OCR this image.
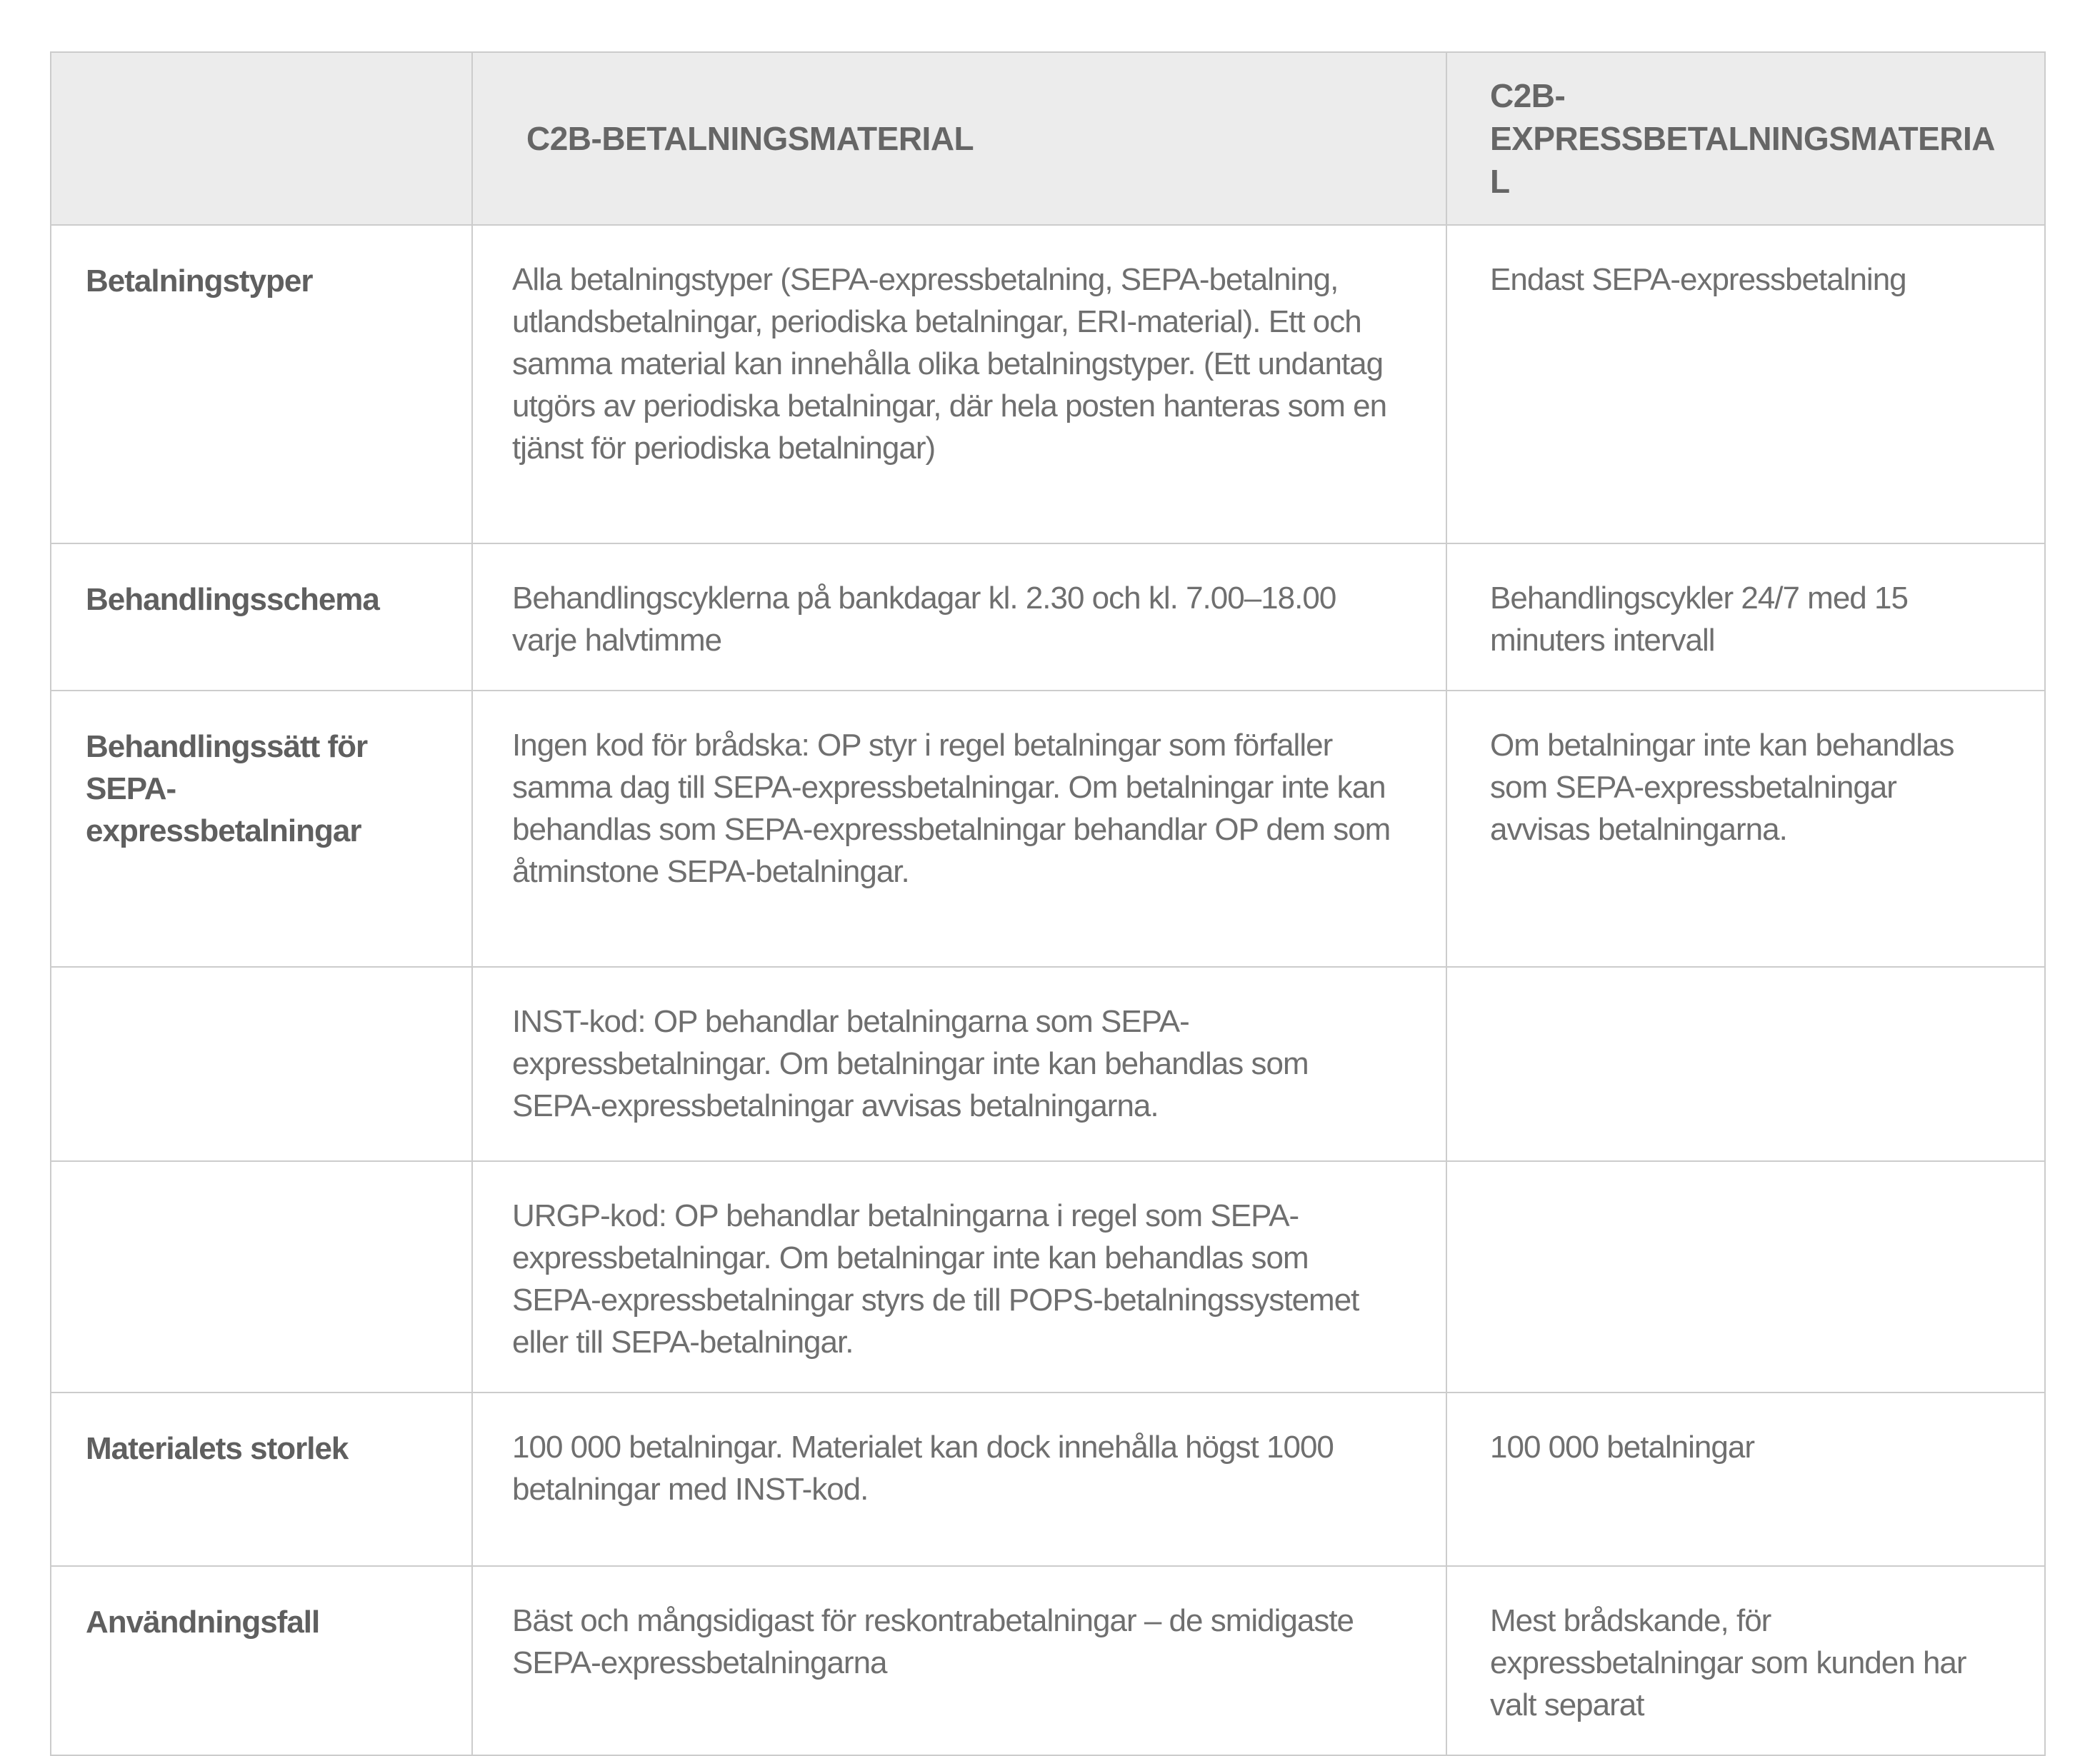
	C2B-BETALNINGSMATERIAL	C2B-EXPRESSBETALNINGSMATERIAL
Betalningstyper	Alla betalningstyper (SEPA-expressbetalning, SEPA-betalning, utlandsbetalningar, periodiska betalningar, ERI-material). Ett och samma material kan innehålla olika betalningstyper. (Ett undantag utgörs av periodiska betalningar, där hela posten hanteras som en tjänst för periodiska betalningar)	Endast SEPA-expressbetalning
Behandlingsschema	Behandlingscyklerna på bankdagar kl. 2.30 och kl. 7.00–18.00 varje halvtimme	Behandlingscykler 24/7 med 15 minuters intervall
Behandlingssätt för SEPA-expressbetalningar	Ingen kod för brådska: OP styr i regel betalningar som förfaller samma dag till SEPA-expressbetalningar. Om betalningar inte kan behandlas som SEPA-expressbetalningar behandlar OP dem som åtminstone SEPA-betalningar.	Om betalningar inte kan behandlas som SEPA-expressbetalningar avvisas betalningarna.
	INST-kod: OP behandlar betalningarna som SEPA-expressbetalningar. Om betalningar inte kan behandlas som SEPA-expressbetalningar avvisas betalningarna.	
	URGP-kod: OP behandlar betalningarna i regel som SEPA-expressbetalningar. Om betalningar inte kan behandlas som SEPA-expressbetalningar styrs de till POPS-betalningssystemet eller till SEPA-betalningar.	
Materialets storlek	100 000 betalningar. Materialet kan dock innehålla högst 1000 betalningar med INST-kod.	100 000 betalningar
Användningsfall	Bäst och mångsidigast för reskontrabetalningar – de smidigaste SEPA-expressbetalningarna	Mest brådskande, för expressbetalningar som kunden har valt separat
